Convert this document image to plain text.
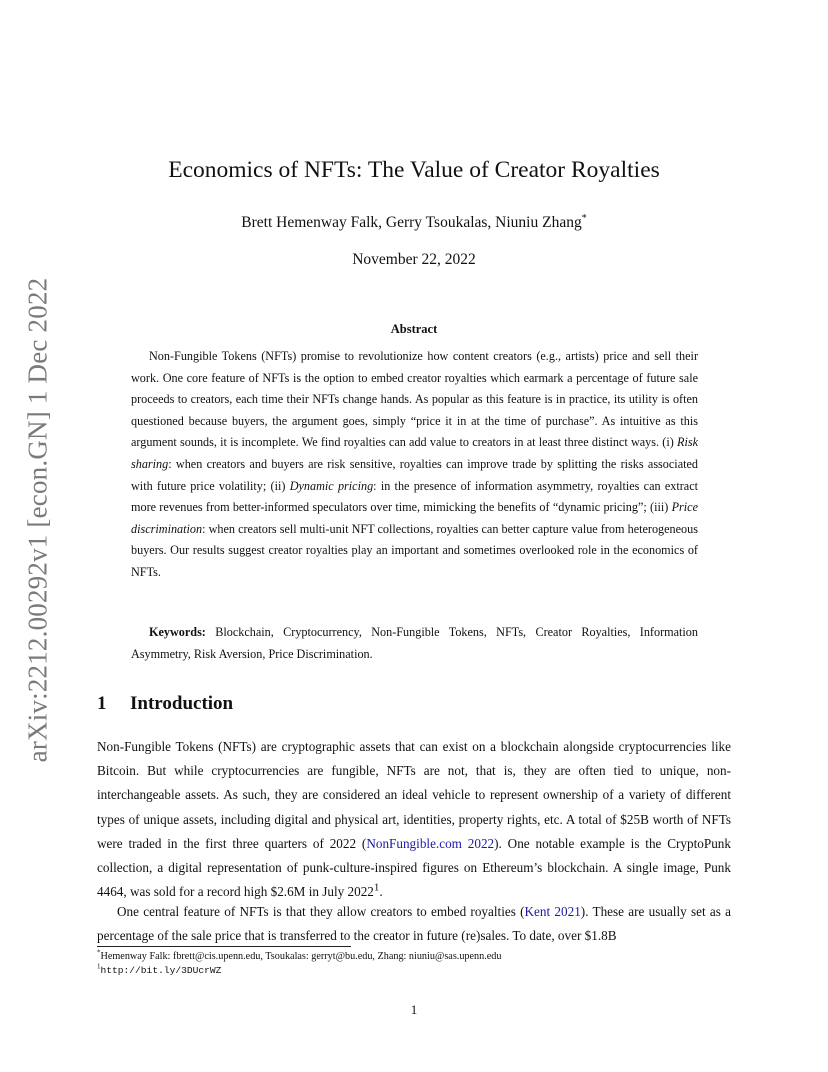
arXiv:2212.00292v1 [econ.GN] 1 Dec 2022
Economics of NFTs: The Value of Creator Royalties
Brett Hemenway Falk, Gerry Tsoukalas, Niuniu Zhang*
November 22, 2022
Abstract
Non-Fungible Tokens (NFTs) promise to revolutionize how content creators (e.g., artists) price and sell their work. One core feature of NFTs is the option to embed creator royalties which earmark a percentage of future sale proceeds to creators, each time their NFTs change hands. As popular as this feature is in practice, its utility is often questioned because buyers, the argument goes, simply “price it in at the time of purchase”. As intuitive as this argument sounds, it is incomplete. We find royalties can add value to creators in at least three distinct ways. (i) Risk sharing: when creators and buyers are risk sensitive, royalties can improve trade by splitting the risks associated with future price volatility; (ii) Dynamic pricing: in the presence of information asymmetry, royalties can extract more revenues from better-informed speculators over time, mimicking the benefits of “dynamic pricing”; (iii) Price discrimination: when creators sell multi-unit NFT collections, royalties can better capture value from heterogeneous buyers. Our results suggest creator royalties play an important and sometimes overlooked role in the economics of NFTs.
Keywords: Blockchain, Cryptocurrency, Non-Fungible Tokens, NFTs, Creator Royalties, Information Asymmetry, Risk Aversion, Price Discrimination.
1 Introduction
Non-Fungible Tokens (NFTs) are cryptographic assets that can exist on a blockchain alongside cryptocurrencies like Bitcoin. But while cryptocurrencies are fungible, NFTs are not, that is, they are often tied to unique, non-interchangeable assets. As such, they are considered an ideal vehicle to represent ownership of a variety of different types of unique assets, including digital and physical art, identities, property rights, etc. A total of $25B worth of NFTs were traded in the first three quarters of 2022 (NonFungible.com 2022). One notable example is the CryptoPunk collection, a digital representation of punk-culture-inspired figures on Ethereum’s blockchain. A single image, Punk 4464, was sold for a record high $2.6M in July 2022$^1$.
One central feature of NFTs is that they allow creators to embed royalties (Kent 2021). These are usually set as a percentage of the sale price that is transferred to the creator in future (re)sales. To date, over $1.8B
*Hemenway Falk: fbrett@cis.upenn.edu, Tsoukalas: gerryt@bu.edu, Zhang: niuniu@sas.upenn.edu
$^1$http://bit.ly/3DUcrWZ
1
